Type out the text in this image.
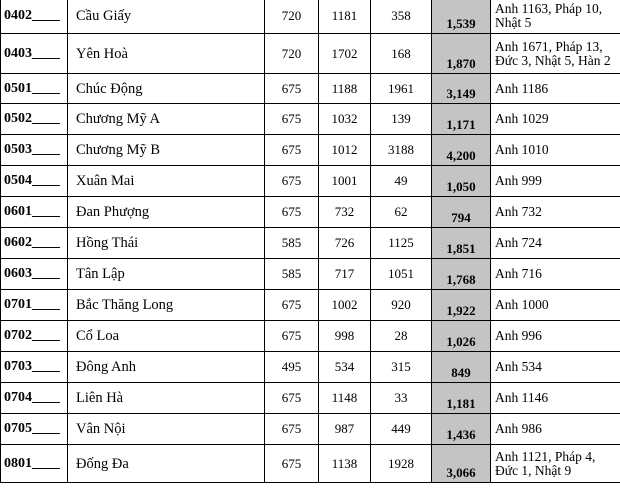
0402____	Cầu Giấy	720	1181	358	1,539	Anh 1163, Pháp 10, Nhật 5
0403____	Yên Hoà	720	1702	168	1,870	Anh 1671, Pháp 13, Đức 3, Nhật 5, Hàn 2
0501____	Chúc Động	675	1188	1961	3,149	Anh 1186
0502____	Chương Mỹ A	675	1032	139	1,171	Anh 1029
0503____	Chương Mỹ B	675	1012	3188	4,200	Anh 1010
0504____	Xuân Mai	675	1001	49	1,050	Anh 999
0601____	Đan Phượng	675	732	62	794	Anh 732
0602____	Hồng Thái	585	726	1125	1,851	Anh 724
0603____	Tân Lập	585	717	1051	1,768	Anh 716
0701____	Bắc Thăng Long	675	1002	920	1,922	Anh 1000
0702____	Cổ Loa	675	998	28	1,026	Anh 996
0703____	Đông Anh	495	534	315	849	Anh 534
0704____	Liên Hà	675	1148	33	1,181	Anh 1146
0705____	Vân Nội	675	987	449	1,436	Anh 986
0801____	Đống Đa	675	1138	1928	3,066	Anh 1121, Pháp 4, Đức 1, Nhật 9
